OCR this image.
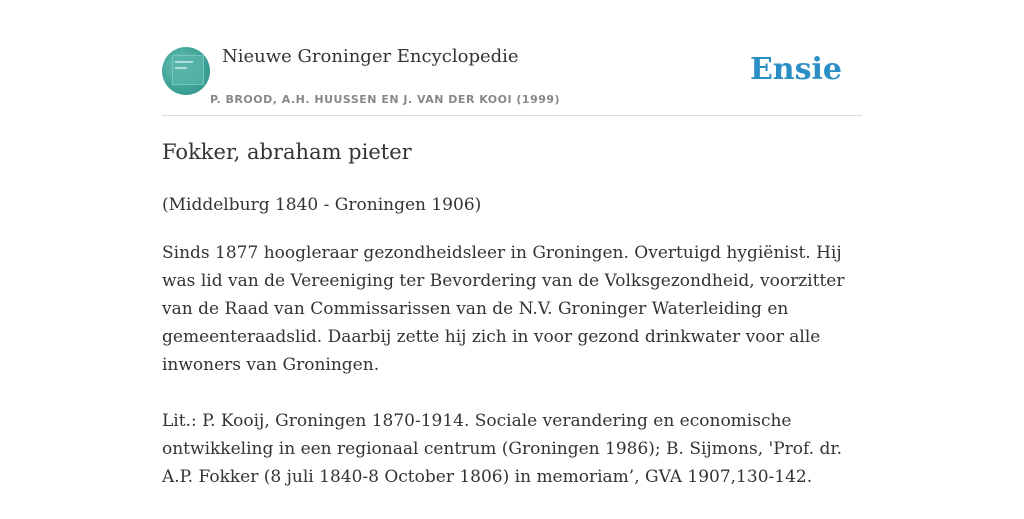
Nieuwe Groninger Encyclopedie
P. BROOD, A.H. HUUSSEN EN J. VAN DER KOOI (1999)
Ensie
Fokker, abraham pieter
(Middelburg 1840 - Groningen 1906)

Sinds 1877 hoogleraar gezondheidsleer in Groningen. Overtuigd hygiënist. Hij was lid van de Vereeniging ter Bevordering van de Volksgezondheid, voorzitter van de Raad van Commissarissen van de N.V. Groninger Waterleiding en gemeenteraadslid. Daarbij zette hij zich in voor gezond drinkwater voor alle inwoners van Groningen.

Lit.: P. Kooij, Groningen 1870-1914. Sociale verandering en economische ontwikkeling in een regionaal centrum (Groningen 1986); B. Sijmons, 'Prof. dr. A.P. Fokker (8 juli 1840-8 October 1806) in memoriam’, GVA 1907,130-142.
